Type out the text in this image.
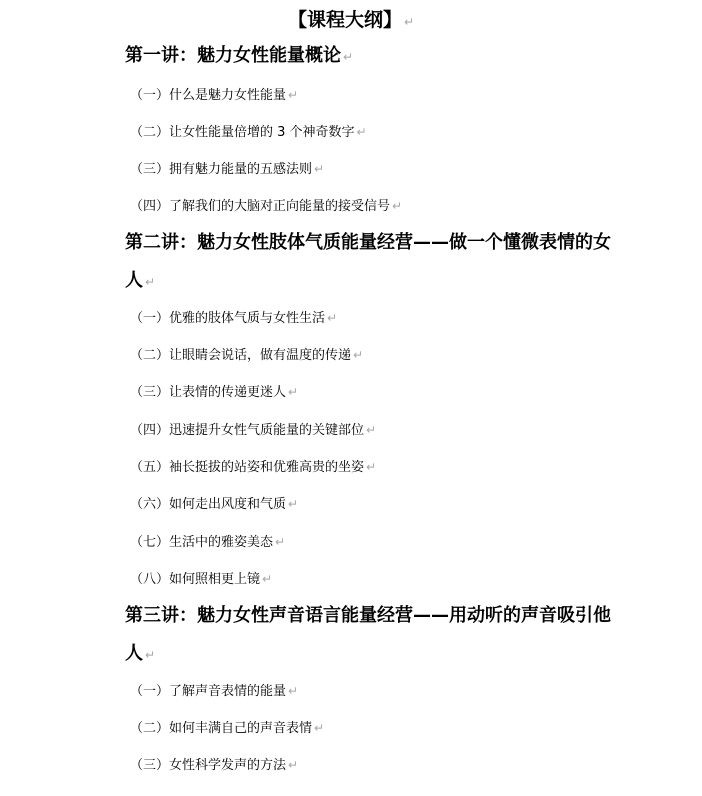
【课程大纲】 ↵
第一讲：魅力女性能量概论 ↵
（一）什么是魅力女性能量 ↵
（二）让女性能量倍增的 3 个神奇数字 ↵
（三）拥有魅力能量的五感法则 ↵
（四）了解我们的大脑对正向能量的接受信号 ↵
第二讲：魅力女性肢体气质能量经营——做一个懂微表情的女
人 ↵
（一）优雅的肢体气质与女性生活 ↵
（二）让眼睛会说话，做有温度的传递 ↵
（三）让表情的传递更迷人 ↵
（四）迅速提升女性气质能量的关键部位 ↵
（五）袖长挺拔的站姿和优雅高贵的坐姿 ↵
（六）如何走出风度和气质 ↵
（七）生活中的雅姿美态 ↵
（八）如何照相更上镜 ↵
第三讲：魅力女性声音语言能量经营——用动听的声音吸引他
人 ↵
（一）了解声音表情的能量 ↵
（二）如何丰满自己的声音表情 ↵
（三）女性科学发声的方法 ↵
